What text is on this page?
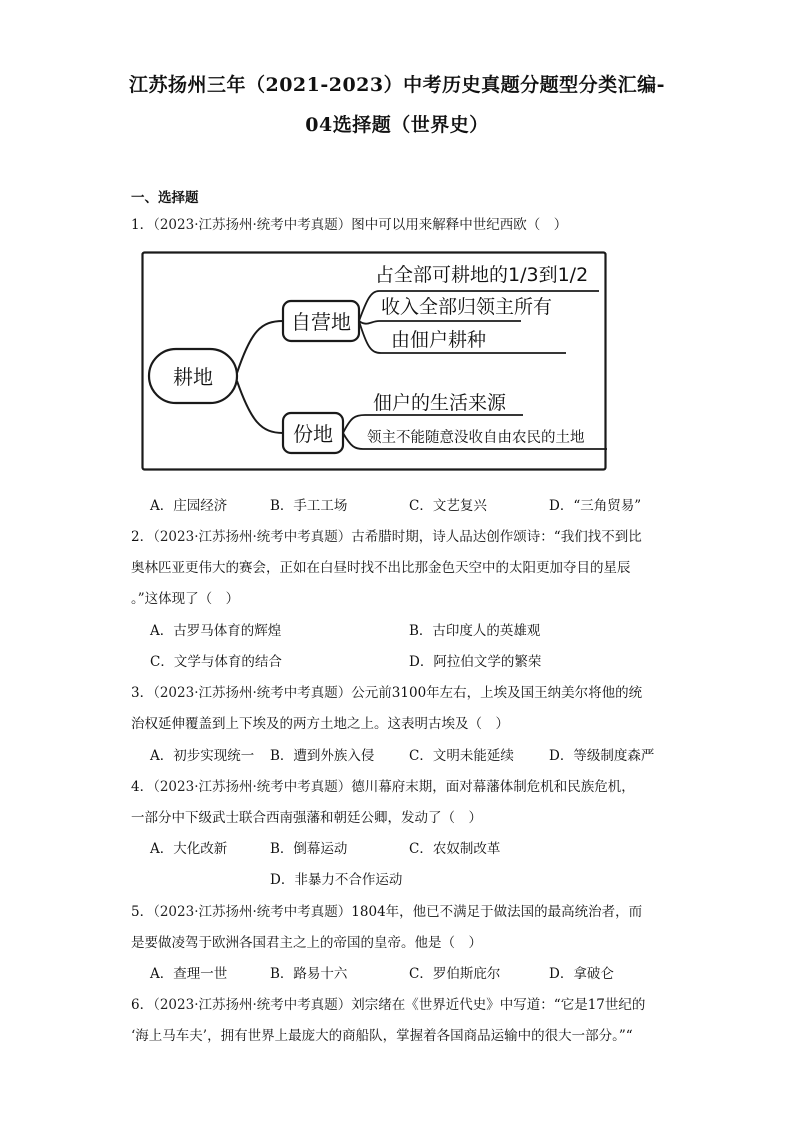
江苏扬州三年（2021-2023）中考历史真题分题型分类汇编-
04选择题（世界史）
一、选择题
1．（2023·江苏扬州·统考中考真题）图中可以用来解释中世纪西欧（　）
耕地
自营地
占全部可耕地的1/3到1/2
收入全部归领主所有
由佃户耕种
份地
佃户的生活来源
领主不能随意没收自由农民的土地
A．庄园经济	B．手工工场	C．文艺复兴	D．“三角贸易”
2．（2023·江苏扬州·统考中考真题）古希腊时期，诗人品达创作颂诗：“我们找不到比
奥林匹亚更伟大的赛会，正如在白昼时找不出比那金色天空中的太阳更加夺目的星辰
。”这体现了（　）
A．古罗马体育的辉煌	B．古印度人的英雄观
C．文学与体育的结合	D．阿拉伯文学的繁荣
3．（2023·江苏扬州·统考中考真题）公元前3100年左右，上埃及国王纳美尔将他的统
治权延伸覆盖到上下埃及的两方土地之上。这表明古埃及（　）
A．初步实现统一 B．遭到外族入侵	C．文明未能延续	D．等级制度森严
4．（2023·江苏扬州·统考中考真题）德川幕府末期，面对幕藩体制危机和民族危机，
一部分中下级武士联合西南强藩和朝廷公卿，发动了（　）
A．大化改新	B．倒幕运动	C．农奴制改革
D．非暴力不合作运动
5．（2023·江苏扬州·统考中考真题）1804年，他已不满足于做法国的最高统治者，而
是要做凌驾于欧洲各国君主之上的帝国的皇帝。他是（　）
A．查理一世	B．路易十六	C．罗伯斯庇尔	D．拿破仑
6．（2023·江苏扬州·统考中考真题）刘宗绪在《世界近代史》中写道：“它是17世纪的
‘海上马车夫’，拥有世界上最庞大的商船队，掌握着各国商品运输中的很大一部分。”“
